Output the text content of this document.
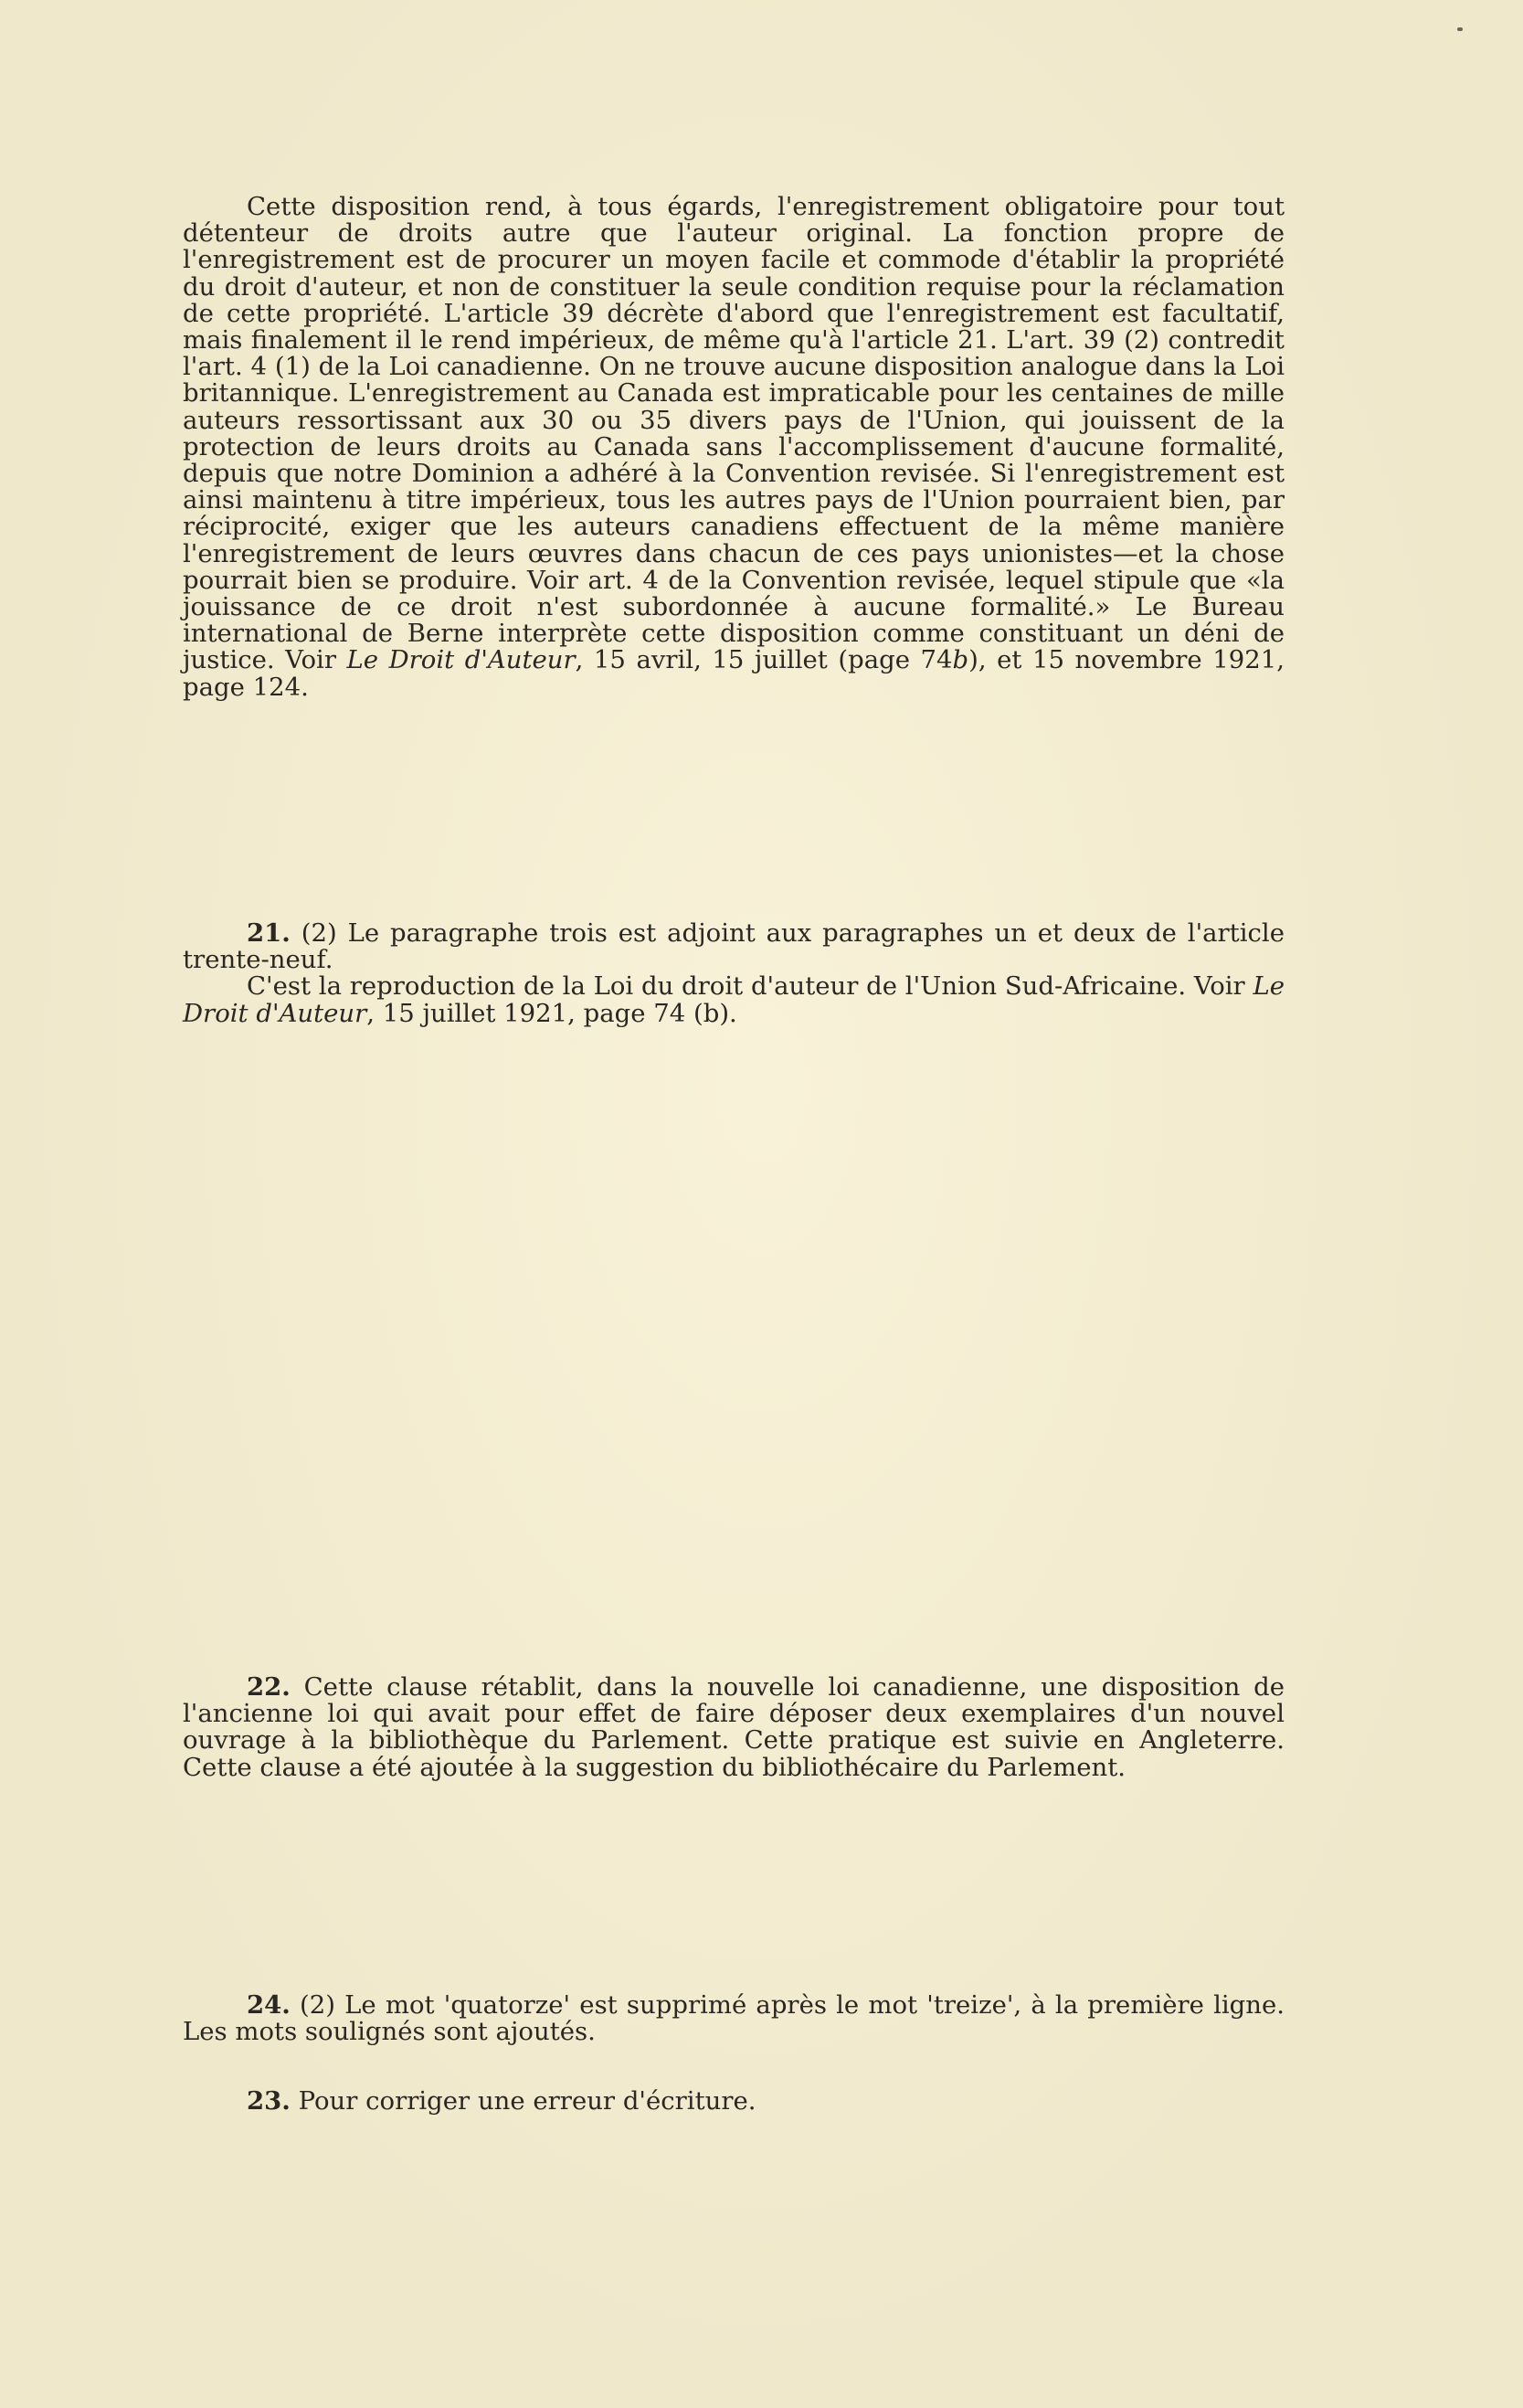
Cette disposition rend, à tous égards, l'enregistrement obligatoire pour tout détenteur de droits autre que l'auteur original. La fonction propre de l'enregistrement est de procurer un moyen facile et commode d'établir la propriété du droit d'auteur, et non de constituer la seule condition requise pour la réclamation de cette propriété. L'article 39 décrète d'abord que l'enregistrement est facultatif, mais finalement il le rend impérieux, de même qu'à l'article 21. L'art. 39 (2) contredit l'art. 4 (1) de la Loi canadienne. On ne trouve aucune disposition analogue dans la Loi britannique. L'enregistrement au Canada est impraticable pour les centaines de mille auteurs ressortissant aux 30 ou 35 divers pays de l'Union, qui jouissent de la protection de leurs droits au Canada sans l'accomplissement d'aucune formalité, depuis que notre Dominion a adhéré à la Convention revisée. Si l'enregistrement est ainsi maintenu à titre impérieux, tous les autres pays de l'Union pourraient bien, par réciprocité, exiger que les auteurs canadiens effectuent de la même manière l'enregistrement de leurs œuvres dans chacun de ces pays unionistes—et la chose pourrait bien se produire. Voir art. 4 de la Convention revisée, lequel stipule que «la jouissance de ce droit n'est subordonnée à aucune formalité.» Le Bureau international de Berne interprète cette disposition comme constituant un déni de justice. Voir Le Droit d'Auteur, 15 avril, 15 juillet (page 74b), et 15 novembre 1921, page 124.

21. (2) Le paragraphe trois est adjoint aux paragraphes un et deux de l'article trente-neuf.

C'est la reproduction de la Loi du droit d'auteur de l'Union Sud-Africaine. Voir Le Droit d'Auteur, 15 juillet 1921, page 74 (b).

22. Cette clause rétablit, dans la nouvelle loi canadienne, une disposition de l'ancienne loi qui avait pour effet de faire déposer deux exemplaires d'un nouvel ouvrage à la bibliothèque du Parlement. Cette pratique est suivie en Angleterre. Cette clause a été ajoutée à la suggestion du bibliothécaire du Parlement.

24. (2) Le mot 'quatorze' est supprimé après le mot 'treize', à la première ligne. Les mots soulignés sont ajoutés.

23. Pour corriger une erreur d'écriture.
